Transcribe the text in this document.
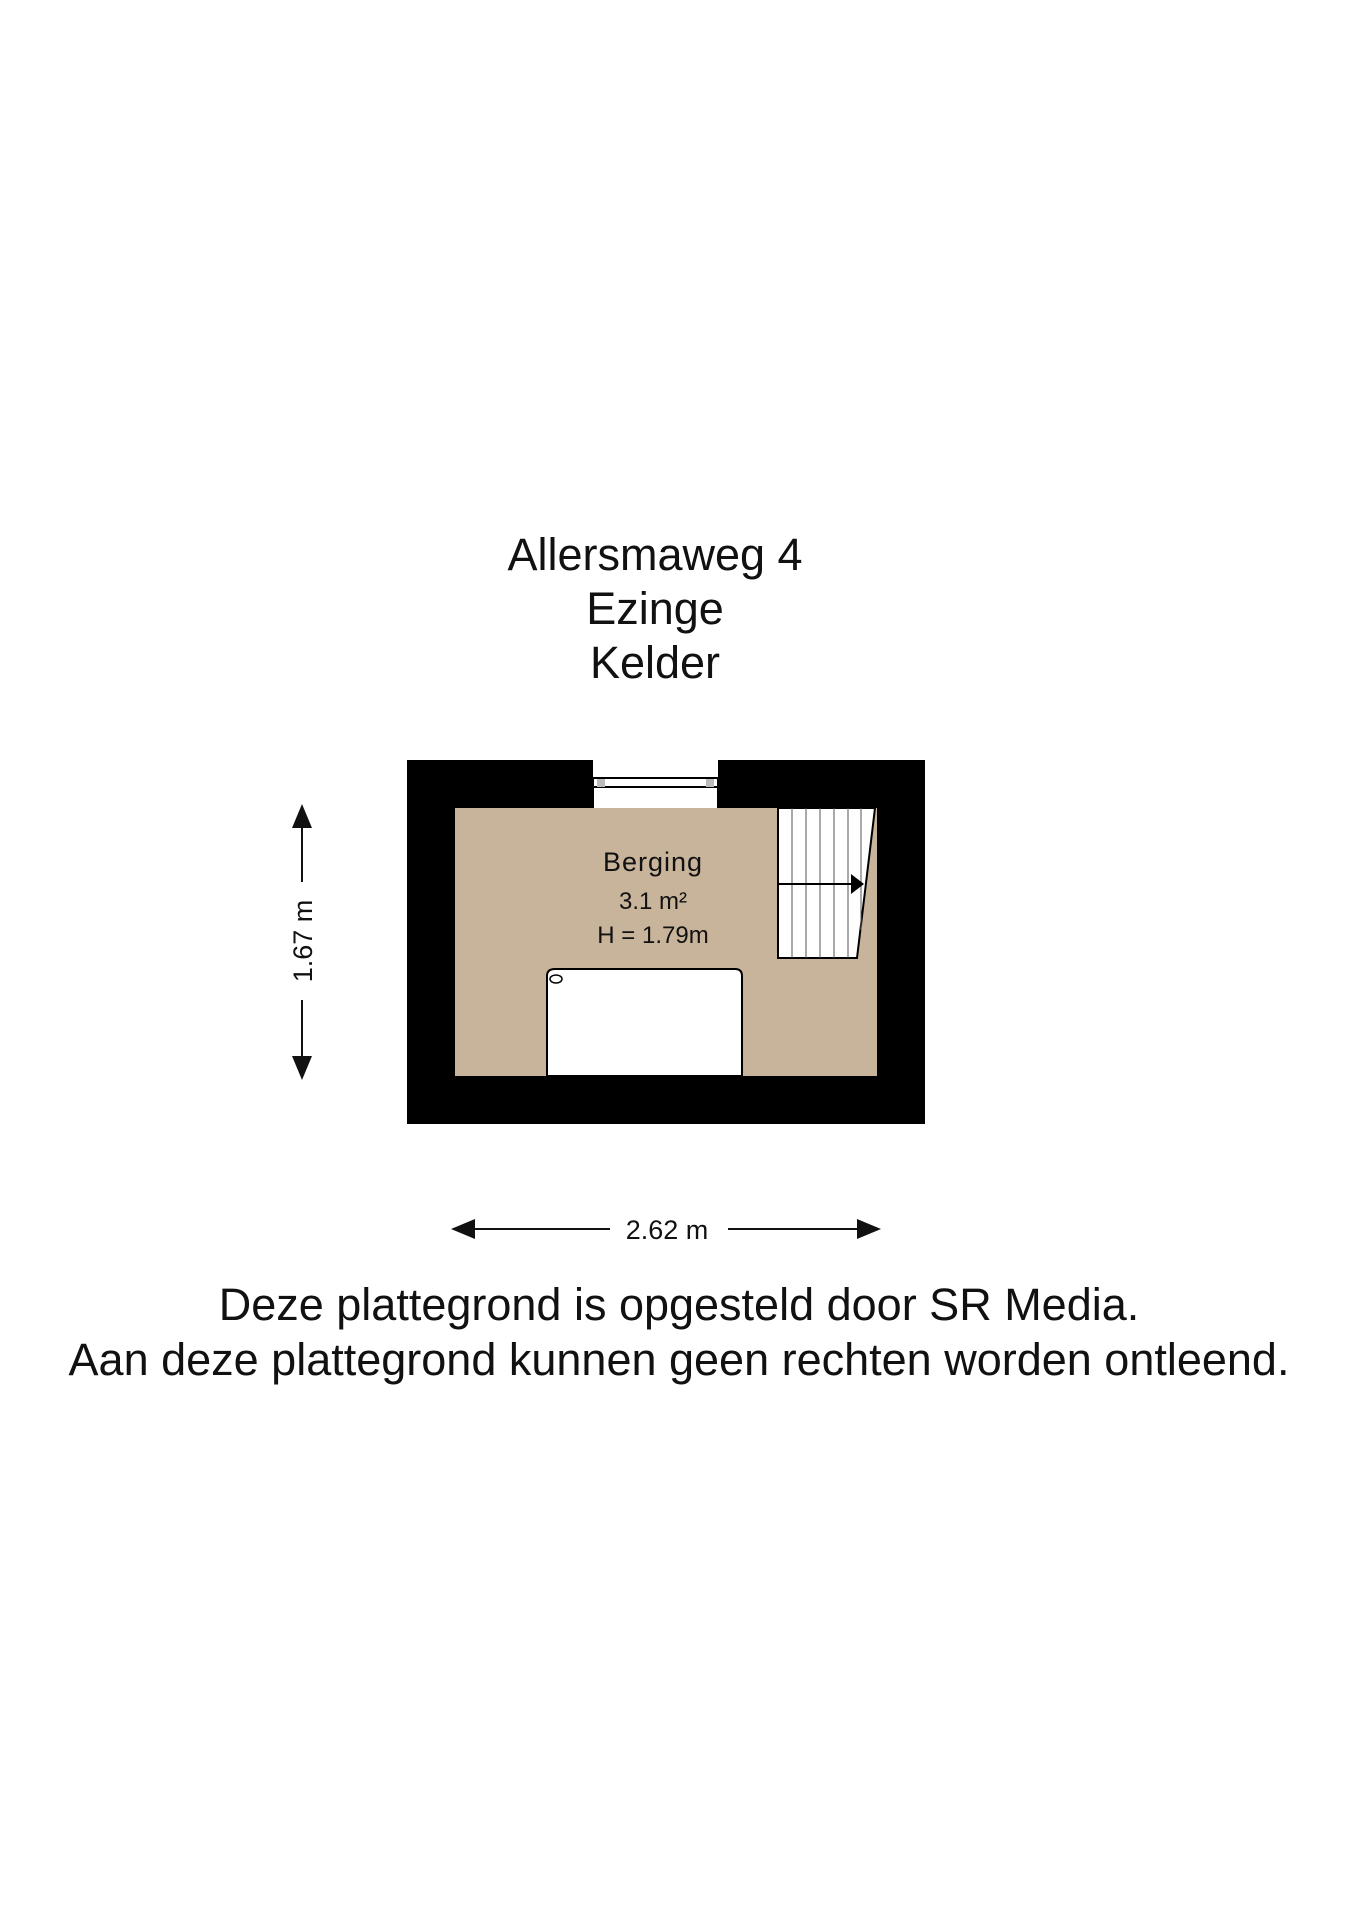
Allersmaweg 4
Ezinge
Kelder
Berging
3.1 m²
H = 1.79m
1.67 m
2.62 m
Deze plattegrond is opgesteld door SR Media.
Aan deze plattegrond kunnen geen rechten worden ontleend.
